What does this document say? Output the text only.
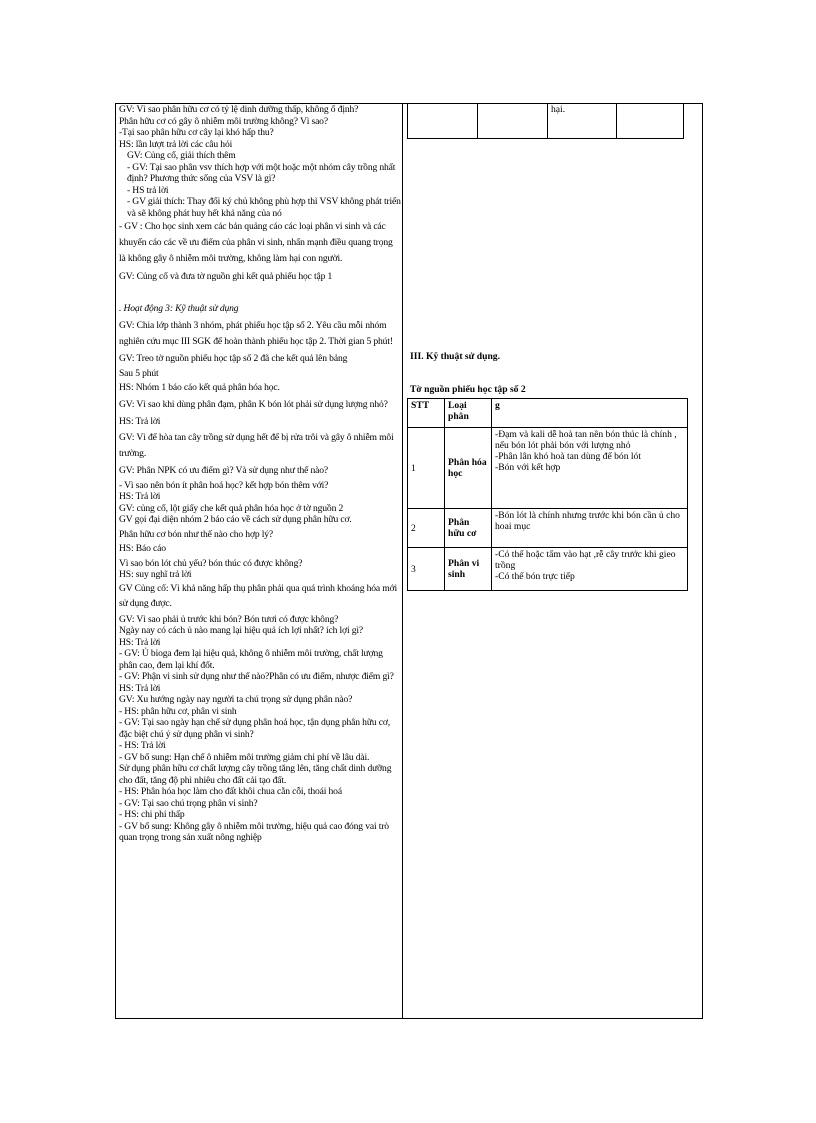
GV: Vì sao phân hữu cơ có tỷ lệ dinh dưỡng thấp, không ổ định?

Phân hữu cơ có gây ô nhiễm môi trường không? Vì sao?

-Tại sao phân hữu cơ cây lại khó hấp thu?

HS: lần lượt trả lời các câu hỏi

GV: Củng cố, giải thích thêm

- GV: Tại sao phân vsv thích hợp với một hoặc một nhóm cây trồng nhất định? Phương thức sống của VSV là gì?

- HS trả lời

- GV giải thích: Thay đổi ký chủ không phù hợp thì VSV không phát triển và sẽ không phát huy hết khả năng của nó

- GV : Cho học sinh xem các bản quảng cáo các loại phân vi sinh và các khuyến cáo các về ưu điểm của phân vi sinh, nhấn mạnh điều quang trọng là không gây ô nhiễm môi trường, không làm hại con người.

GV: Củng cố và đưa tờ nguồn ghi kết quả phiếu học tập 1

. Hoạt động 3: Kỹ thuật sử dụng

GV: Chia lớp thành 3 nhóm, phát phiếu học tập số 2. Yêu cầu mỗi nhóm nghiên cứu mục III SGK để hoàn thành phiếu học tập 2. Thời gian 5 phút!

GV: Treo tờ nguồn phiếu học tập số 2 đã che kết quả lên bảng

Sau 5 phút

HS: Nhóm 1 báo cáo kết quả phân hóa học.

GV: Vì sao khi dùng phân đạm, phân K bón lót phải sử dụng lượng nhỏ?

HS: Trả lời

GV: Vì để hòa tan cây trồng sử dụng hết để bị rửa trôi và gây ô nhiễm môi trường.

GV: Phân NPK có ưu điểm gì? Và sử dụng như thế nào?

- Vì sao nên bón ít phân hoá học? kết hợp bón thêm với?

HS: Trả lời

GV: củng cố, lột giấy che kết quả phân hóa học ở tờ nguồn 2

GV gọi đại diện nhóm 2 báo cáo về cách sử dụng phân hữu cơ.

Phân hữu cơ bón như thế nào cho hợp lý?

HS: Báo cáo

Vì sao bón lót chủ yếu? bón thúc có được không?

HS: suy nghĩ trả lời

GV Củng cố: Vì khả năng hấp thụ phân phải qua quá trình khoáng hóa mới sử dụng được.

GV: Vì sao phải ủ trước khi bón? Bón tươi có được không?

Ngày nay có cách ủ nào mang lại hiệu quả ích lợi nhất? ích lợi gì?

HS: Trả lời

- GV: Ủ bioga đem lại hiệu quả, không ô nhiễm môi trường, chất lượng phân cao, đem lại khí đốt.

- GV: Phận vi sinh sử dụng như thế nào?Phân có ưu điểm, nhược điểm gì?

HS: Trả lời

GV: Xu hướng ngày nay người ta chú trọng sử dụng phân nào?

- HS: phân hữu cơ, phân vi sinh

- GV: Tại sao ngày hạn chế sử dụng phân hoá học, tận dụng phân hữu cơ, đặc biệt chú ý sử dụng phân vi sinh?

- HS: Trả lời

- GV bổ sung: Hạn chế ô nhiễm môi trường giảm chi phí về lâu dài.

Sử dụng phân hữu cơ chất lượng cây trồng tăng lên, tăng chất dinh dưỡng cho đất, tăng độ phì nhiêu cho đất cải tạo đất.

- HS: Phân hóa học làm cho đất khôi chua cằn cỗi, thoái hoá

- GV: Tại sao chú trọng phân vi sinh?

- HS: chi phí thấp

- GV bổ sung: Không gây ô nhiễm môi trường, hiệu quả cao đóng vai trò quan trọng trong sản xuất nông nghiệp

		hại.	
III. Kỹ thuật sử dụng.
Tờ nguồn phiếu học tập số 2
STT	Loại phân	g
1	Phân hóa học	-Đạm và kali dễ hoà tan nên bón thúc là chính , nếu bón lót phải bón với lượng nhỏ
-Phân lân khó hoà tan dùng để bón lót
-Bón với kết hợp
2	Phân hữu cơ	-Bón lót là chính nhưng trước khi bón cần ủ cho hoai mục
3	Phân vi sinh	-Có thể hoặc tẩm vào hạt ,rễ cây trước khi gieo trồng
-Có thể bón trực tiếp
